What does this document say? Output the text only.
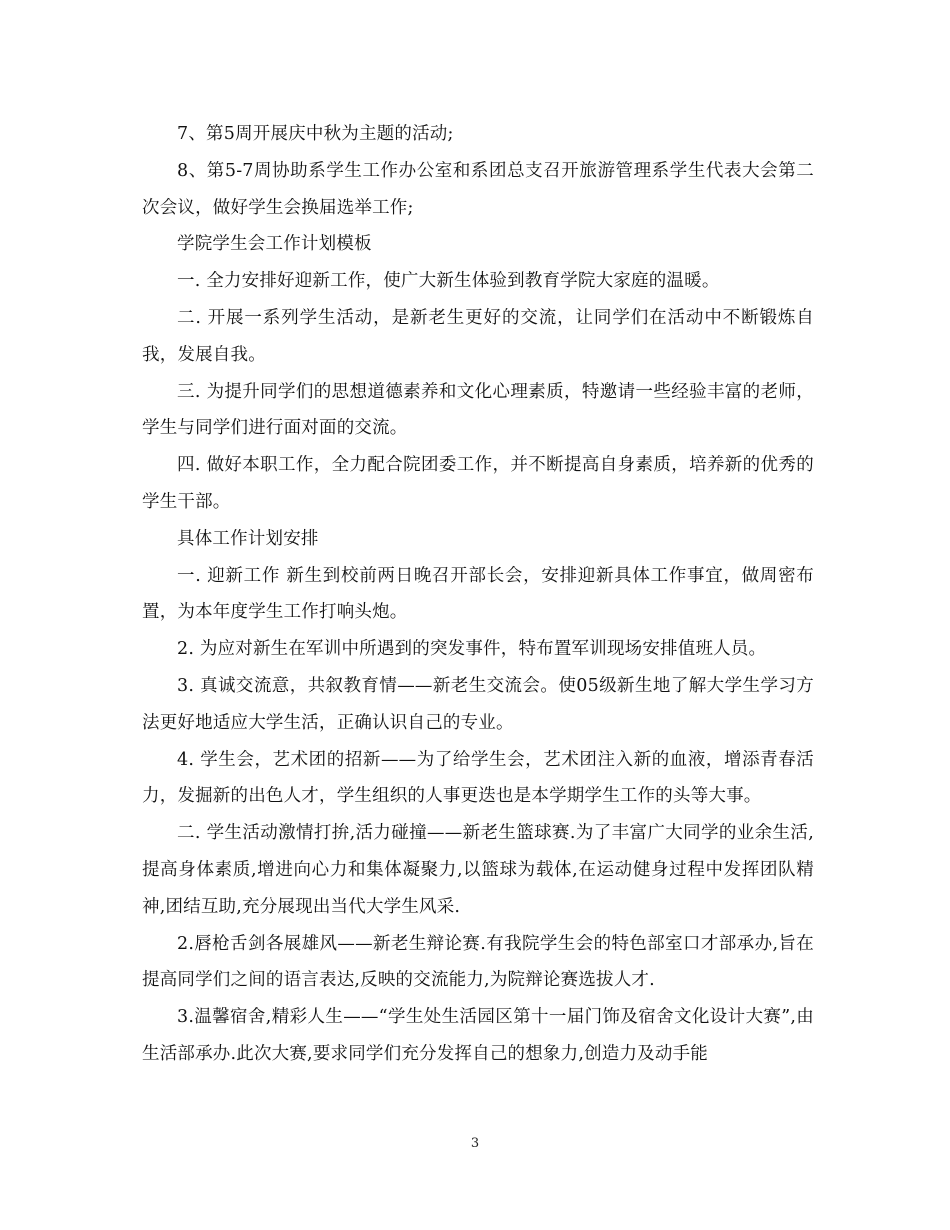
7、第5周开展庆中秋为主题的活动;

8、第5-7周协助系学生工作办公室和系团总支召开旅游管理系学生代表大会第二次会议，做好学生会换届选举工作;

学院学生会工作计划模板

一. 全力安排好迎新工作，使广大新生体验到教育学院大家庭的温暖。

二. 开展一系列学生活动，是新老生更好的交流，让同学们在活动中不断锻炼自我，发展自我。

三. 为提升同学们的思想道德素养和文化心理素质，特邀请一些经验丰富的老师，学生与同学们进行面对面的交流。

四. 做好本职工作，全力配合院团委工作，并不断提高自身素质，培养新的优秀的学生干部。

具体工作计划安排

一. 迎新工作 新生到校前两日晚召开部长会，安排迎新具体工作事宜，做周密布置，为本年度学生工作打响头炮。

2. 为应对新生在军训中所遇到的突发事件，特布置军训现场安排值班人员。

3. 真诚交流意，共叙教育情——新老生交流会。使05级新生地了解大学生学习方法更好地适应大学生活，正确认识自己的专业。

4. 学生会，艺术团的招新——为了给学生会，艺术团注入新的血液，增添青春活力，发掘新的出色人才，学生组织的人事更迭也是本学期学生工作的头等大事。

二. 学生活动激情打拚,活力碰撞——新老生篮球赛.为了丰富广大同学的业余生活,提高身体素质,增进向心力和集体凝聚力,以篮球为载体,在运动健身过程中发挥团队精神,团结互助,充分展现出当代大学生风采.

2.唇枪舌剑各展雄风——新老生辩论赛.有我院学生会的特色部室口才部承办,旨在提高同学们之间的语言表达,反映的交流能力,为院辩论赛选拔人才.

3.温馨宿舍,精彩人生——“学生处生活园区第十一届门饰及宿舍文化设计大赛”,由生活部承办.此次大赛,要求同学们充分发挥自己的想象力,创造力及动手能

3
